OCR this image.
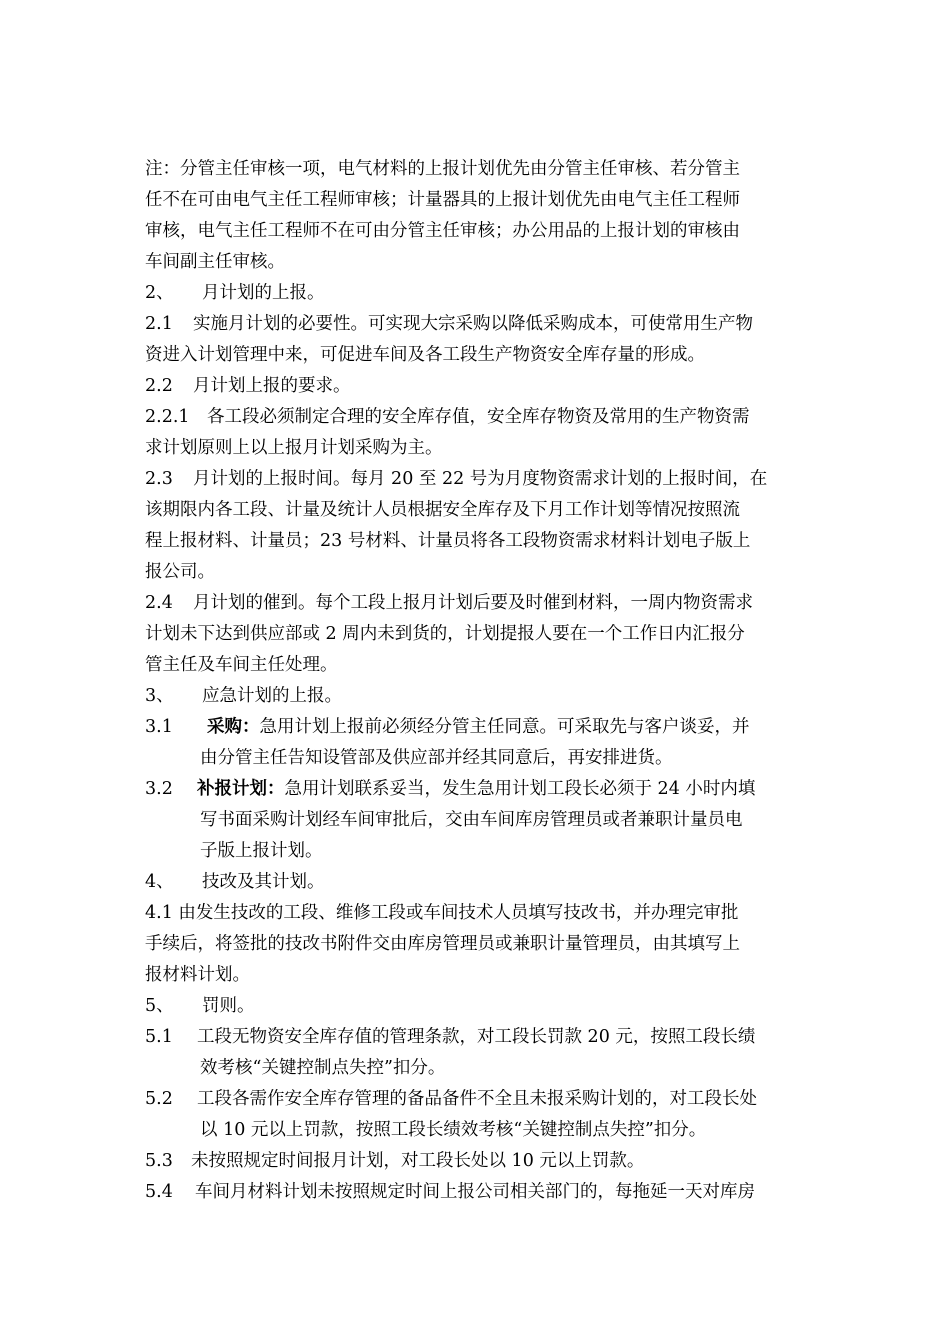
注：分管主任审核一项，电气材料的上报计划优先由分管主任审核、若分管主
任不在可由电气主任工程师审核；计量器具的上报计划优先由电气主任工程师
审核，电气主任工程师不在可由分管主任审核；办公用品的上报计划的审核由
车间副主任审核。
2、 月计划的上报。
2.1 实施月计划的必要性。可实现大宗采购以降低采购成本，可使常用生产物
资进入计划管理中来，可促进车间及各工段生产物资安全库存量的形成。
2.2 月计划上报的要求。
2.2.1 各工段必须制定合理的安全库存值，安全库存物资及常用的生产物资需
求计划原则上以上报月计划采购为主。
2.3 月计划的上报时间。每月 20 至 22 号为月度物资需求计划的上报时间，在
该期限内各工段、计量及统计人员根据安全库存及下月工作计划等情况按照流
程上报材料、计量员；23 号材料、计量员将各工段物资需求材料计划电子版上
报公司。
2.4 月计划的催到。每个工段上报月计划后要及时催到材料，一周内物资需求
计划未下达到供应部或 2 周内未到货的，计划提报人要在一个工作日内汇报分
管主任及车间主任处理。
3、 应急计划的上报。
3.1 采购：急用计划上报前必须经分管主任同意。可采取先与客户谈妥，并
由分管主任告知设管部及供应部并经其同意后，再安排进货。
3.2 补报计划：急用计划联系妥当，发生急用计划工段长必须于 24 小时内填
写书面采购计划经车间审批后，交由车间库房管理员或者兼职计量员电
子版上报计划。
4、 技改及其计划。
4.1 由发生技改的工段、维修工段或车间技术人员填写技改书，并办理完审批
手续后，将签批的技改书附件交由库房管理员或兼职计量管理员，由其填写上
报材料计划。
5、 罚则。
5.1 工段无物资安全库存值的管理条款，对工段长罚款 20 元，按照工段长绩
效考核“关键控制点失控”扣分。
5.2 工段各需作安全库存管理的备品备件不全且未报采购计划的，对工段长处
以 10 元以上罚款，按照工段长绩效考核“关键控制点失控”扣分。
5.3 未按照规定时间报月计划，对工段长处以 10 元以上罚款。
5.4 车间月材料计划未按照规定时间上报公司相关部门的，每拖延一天对库房
